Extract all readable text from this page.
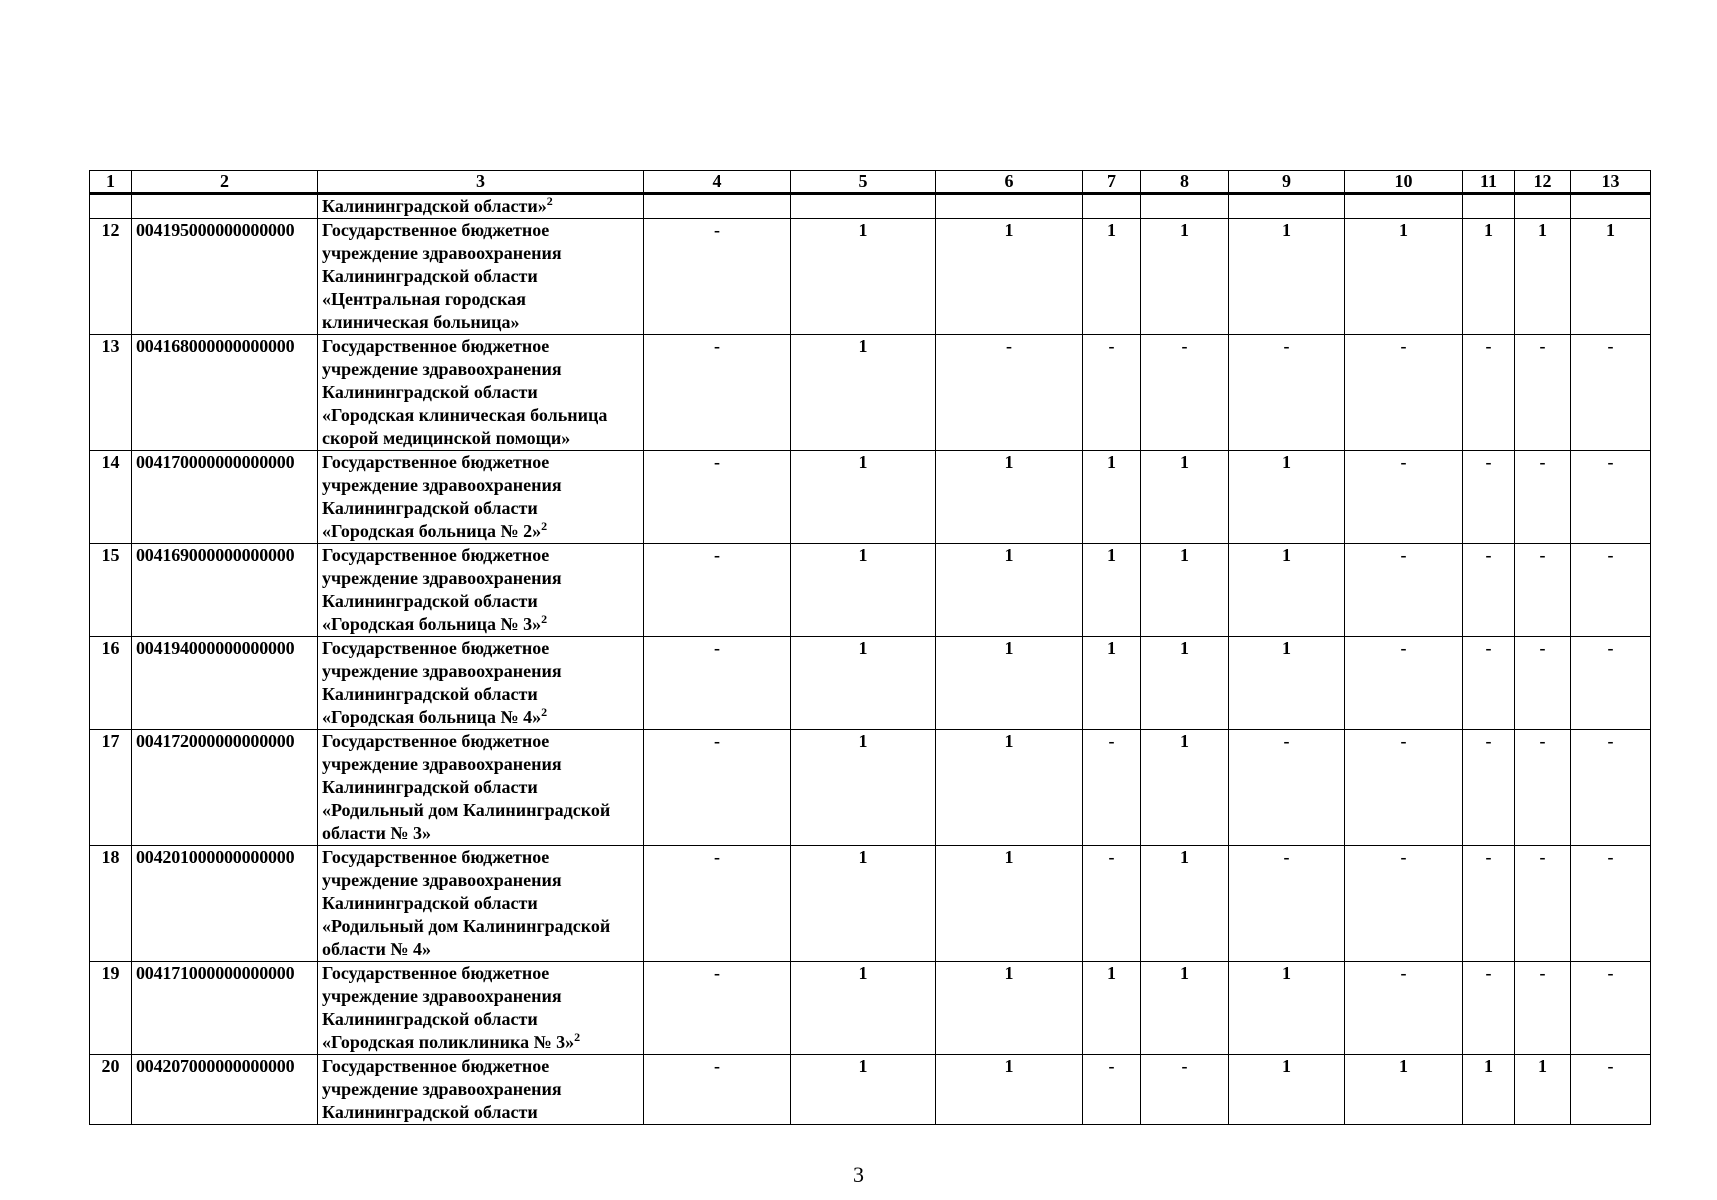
1	2	3	4	5	6	7	8	9	10	11	12	13

		Калининградской области»$^2$

12	004195000000000000	Государственное бюджетное
учреждение здравоохранения
Калининградской области
«Центральная городская
клиническая больница»	-	1	1	1	1	1	1	1	1	1
13	004168000000000000	Государственное бюджетное
учреждение здравоохранения
Калининградской области
«Городская клиническая больница
скорой медицинской помощи»	-	1	-	-	-	-	-	-	-	-
14	004170000000000000	Государственное бюджетное
учреждение здравоохранения
Калининградской области
«Городская больница № 2»$^2$	-	1	1	1	1	1	-	-	-	-
15	004169000000000000	Государственное бюджетное
учреждение здравоохранения
Калининградской области
«Городская больница № 3»$^2$	-	1	1	1	1	1	-	-	-	-
16	004194000000000000	Государственное бюджетное
учреждение здравоохранения
Калининградской области
«Городская больница № 4»$^2$	-	1	1	1	1	1	-	-	-	-
17	004172000000000000	Государственное бюджетное
учреждение здравоохранения
Калининградской области
«Родильный дом Калининградской
области № 3»	-	1	1	-	1	-	-	-	-	-
18	004201000000000000	Государственное бюджетное
учреждение здравоохранения
Калининградской области
«Родильный дом Калининградской
области № 4»	-	1	1	-	1	-	-	-	-	-
19	004171000000000000	Государственное бюджетное
учреждение здравоохранения
Калининградской области
«Городская поликлиника № 3»$^2$	-	1	1	1	1	1	-	-	-	-
20	004207000000000000	Государственное бюджетное
учреждение здравоохранения
Калининградской области	-	1	1	-	-	1	1	1	1	-
3
